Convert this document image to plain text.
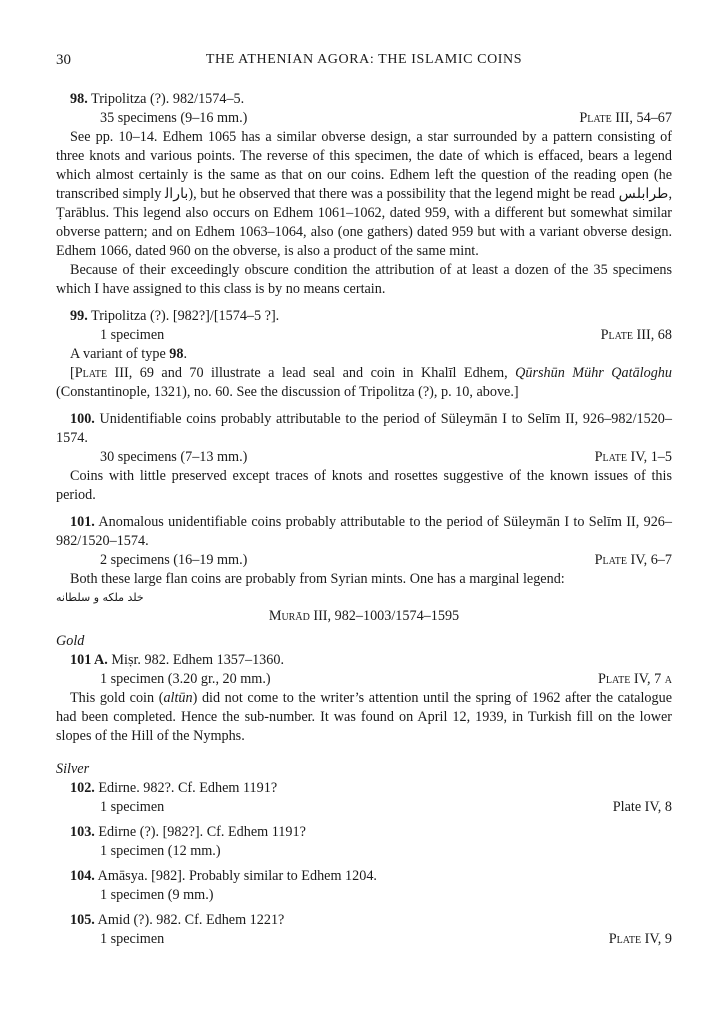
30	THE ATHENIAN AGORA: THE ISLAMIC COINS

98. Tripolitza (?). 982/1574–5.

35 specimens (9–16 mm.)	Plate III, 54–67

See pp. 10–14. Edhem 1065 has a similar obverse design, a star surrounded by a pattern consisting of three knots and various points. The reverse of this specimen, the date of which is effaced, bears a legend which almost certainly is the same as that on our coins. Edhem left the question of the reading open (he transcribed simply ﺑﺎراﻟ), but he observed that there was a possibility that the legend might be read طرابلس, Ṭarāblus. This legend also occurs on Edhem 1061–1062, dated 959, with a different but somewhat similar obverse pattern; and on Edhem 1063–1064, also (one gathers) dated 959 but with a variant obverse design. Edhem 1066, dated 960 on the obverse, is also a product of the same mint.

Because of their exceedingly obscure condition the attribution of at least a dozen of the 35 specimens which I have assigned to this class is by no means certain.

99. Tripolitza (?). [982?]/[1574–5 ?].

1 specimen	Plate III, 68

A variant of type 98.

[Plate III, 69 and 70 illustrate a lead seal and coin in Khalīl Edhem, Qūrshūn Mühr Qatāloghu (Constantinople, 1321), no. 60. See the discussion of Tripolitza (?), p. 10, above.]

100. Unidentifiable coins probably attributable to the period of Süleymān I to Selīm II, 926–982/1520–1574.

30 specimens (7–13 mm.)	Plate IV, 1–5

Coins with little preserved except traces of knots and rosettes suggestive of the known issues of this period.

101. Anomalous unidentifiable coins probably attributable to the period of Süleymān I to Selīm II, 926–982/1520–1574.

2 specimens (16–19 mm.)	Plate IV, 6–7

Both these large flan coins are probably from Syrian mints. One has a marginal legend:

خلد ملكه و سلطانه

Murād III, 982–1003/1574–1595

Gold

101 A. Miṣr. 982. Edhem 1357–1360.

1 specimen (3.20 gr., 20 mm.)	Plate IV, 7 a

This gold coin (altūn) did not come to the writer’s attention until the spring of 1962 after the catalogue had been completed. Hence the sub-number. It was found on April 12, 1939, in Turkish fill on the lower slopes of the Hill of the Nymphs.

Silver

102. Edirne. 982?. Cf. Edhem 1191?

1 specimen	Plate IV, 8

103. Edirne (?). [982?]. Cf. Edhem 1191?

1 specimen (12 mm.)

104. Amāsya. [982]. Probably similar to Edhem 1204.

1 specimen (9 mm.)

105. Amid (?). 982. Cf. Edhem 1221?

1 specimen	Plate IV, 9
